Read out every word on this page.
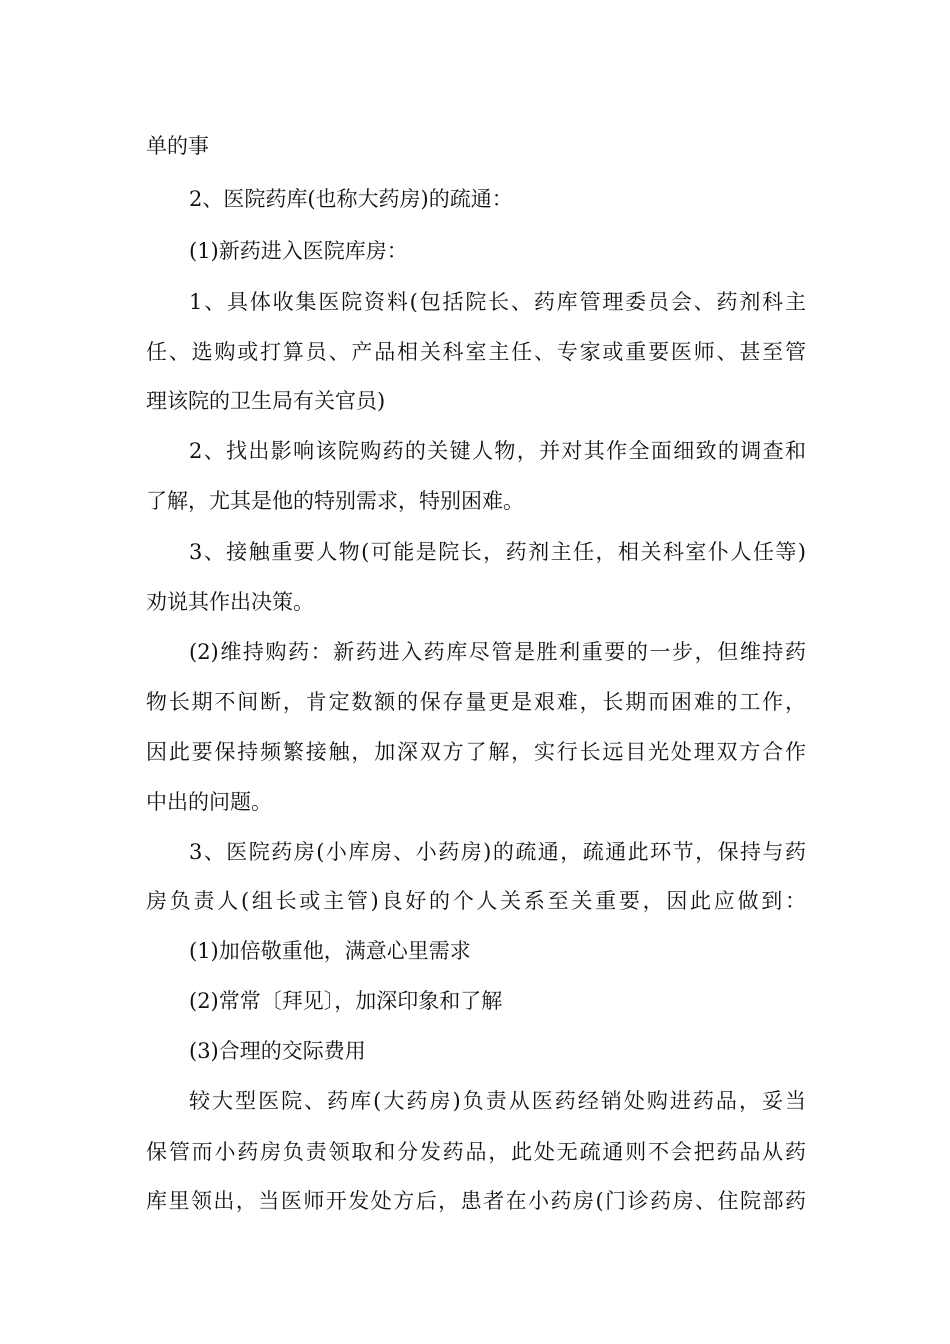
单的事
2、医院药库(也称大药房)的疏通：
(1)新药进入医院库房：
1、具体收集医院资料(包括院长、药库管理委员会、药剂科主
任、选购或打算员、产品相关科室主任、专家或重要医师、甚至管
理该院的卫生局有关官员)
2、找出影响该院购药的关键人物，并对其作全面细致的调查和
了解，尤其是他的特别需求，特别困难。
3、接触重要人物(可能是院长，药剂主任，相关科室仆人任等)
劝说其作出决策。
(2)维持购药：新药进入药库尽管是胜利重要的一步，但维持药
物长期不间断，肯定数额的保存量更是艰难，长期而困难的工作，
因此要保持频繁接触，加深双方了解，实行长远目光处理双方合作
中出的问题。
3、医院药房(小库房、小药房)的疏通，疏通此环节，保持与药
房负责人(组长或主管)良好的个人关系至关重要，因此应做到：
(1)加倍敬重他，满意心里需求
(2)常常〔拜见〕，加深印象和了解
(3)合理的交际费用
较大型医院、药库(大药房)负责从医药经销处购进药品，妥当
保管而小药房负责领取和分发药品，此处无疏通则不会把药品从药
库里领出，当医师开发处方后，患者在小药房(门诊药房、住院部药
